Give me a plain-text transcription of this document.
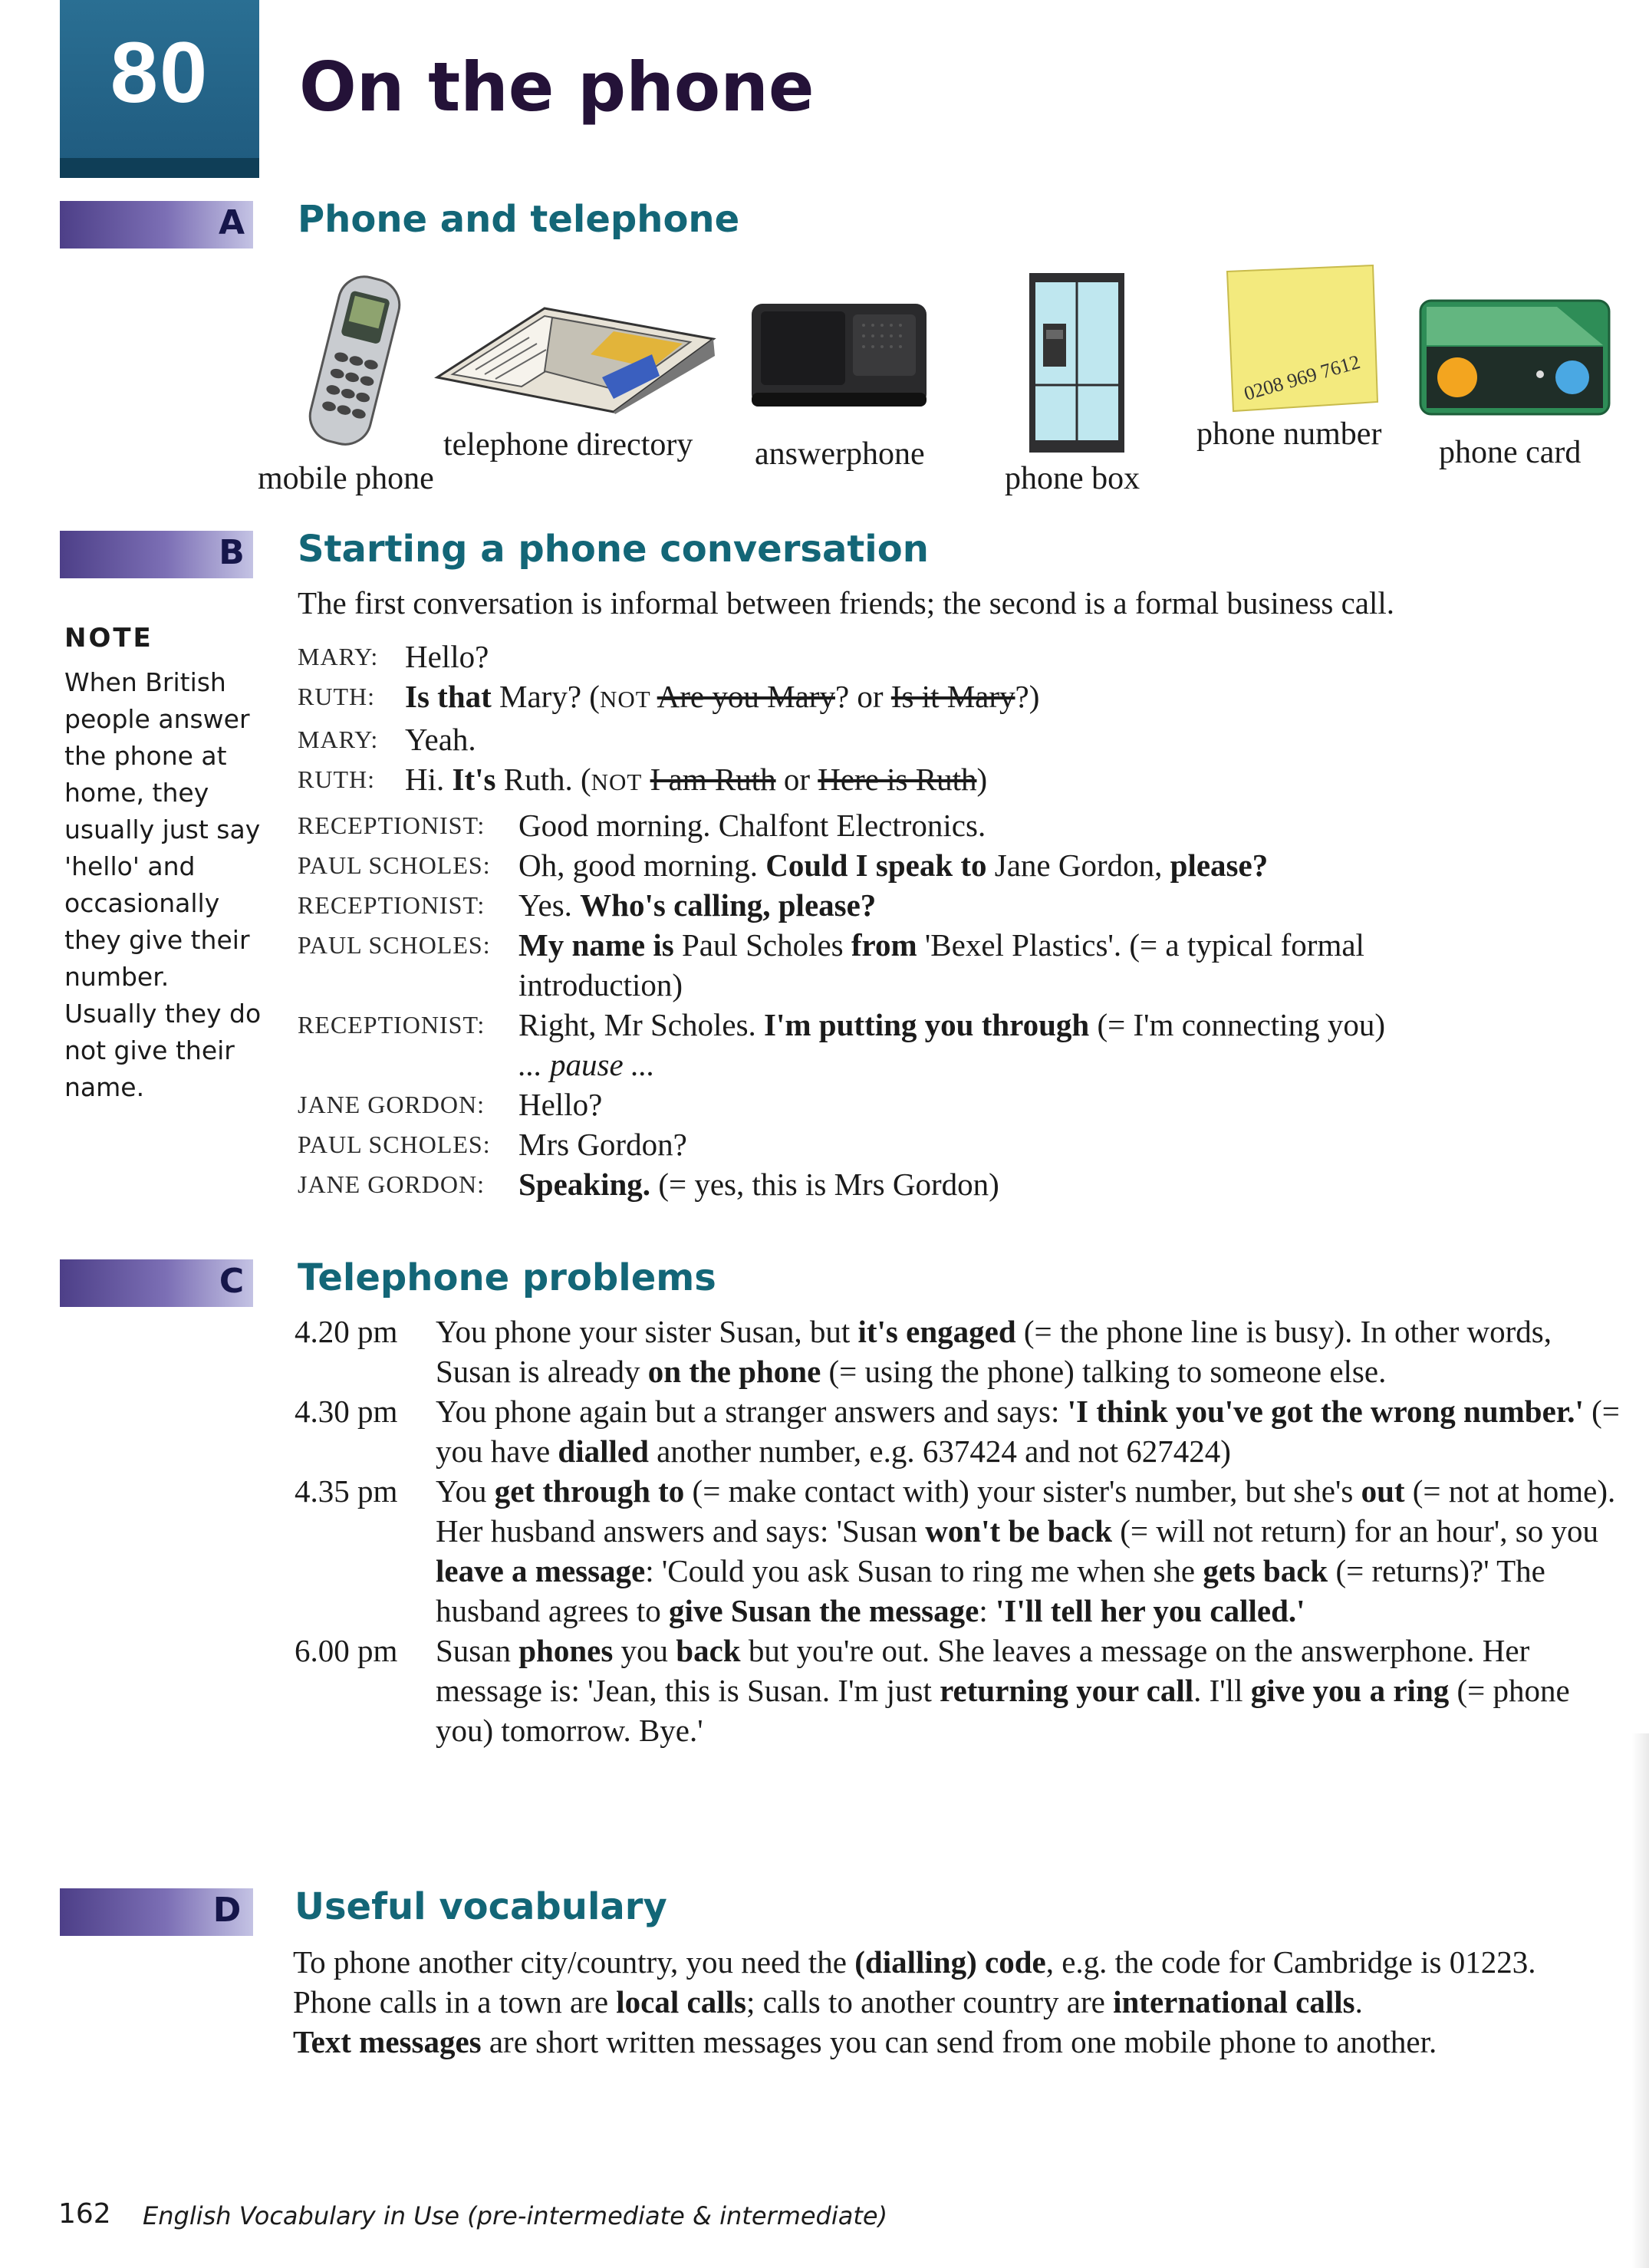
80	On the phone
A Phone and telephone
0208 969 7612
mobile phone
telephone directory answerphone
phone box
phone number
phone card
B Starting a phone conversation
The first conversation is informal between friends; the second is a formal business call.
MARY: Hello?
RUTH: Is that Mary? (NOT Are you Mary? or Is it Mary?)
MARY: Yeah.
RUTH: Hi. It's Ruth. (NOT I am Ruth or Here is Ruth)
RECEPTIONIST:	Good morning. Chalfont Electronics.
PAUL SCHOLES: Oh, good morning. Could I speak to Jane Gordon, please?
RECEPTIONIST:	Yes. Who's calling, please?
PAUL SCHOLES: My name is Paul Scholes from 'Bexel Plastics'. (= a typical formal
introduction)
RECEPTIONIST:	Right, Mr Scholes. I'm putting you through (= I'm connecting you)
... pause ...
JANE GORDON:	Hello?
PAUL SCHOLES: Mrs Gordon?
JANE GORDON:	Speaking. (= yes, this is Mrs Gordon)
NOTE
When British people answer the phone at home, they usually just say 'hello' and occasionally they give their number. Usually they do not give their name.
C Telephone problems
4.20 pm	You phone your sister Susan, but it's engaged (= the phone line is busy). In other words, Susan is already on the phone (= using the phone) talking to someone else.
4.30 pm	You phone again but a stranger answers and says: 'I think you've got the wrong number.' (= you have dialled another number, e.g. 637424 and not 627424)
4.35 pm	You get through to (= make contact with) your sister's number, but she's out (= not at home). Her husband answers and says: 'Susan won't be back (= will not return) for an hour', so you leave a message: 'Could you ask Susan to ring me when she gets back (= returns)?' The husband agrees to give Susan the message: 'I'll tell her you called.'
6.00 pm	Susan phones you back but you're out. She leaves a message on the answerphone. Her message is: 'Jean, this is Susan. I'm just returning your call. I'll give you a ring (= phone you) tomorrow. Bye.'
D Useful vocabulary
To phone another city/country, you need the (dialling) code, e.g. the code for Cambridge is 01223.
Phone calls in a town are local calls; calls to another country are international calls.
Text messages are short written messages you can send from one mobile phone to another.
162 English Vocabulary in Use (pre-intermediate & intermediate)
